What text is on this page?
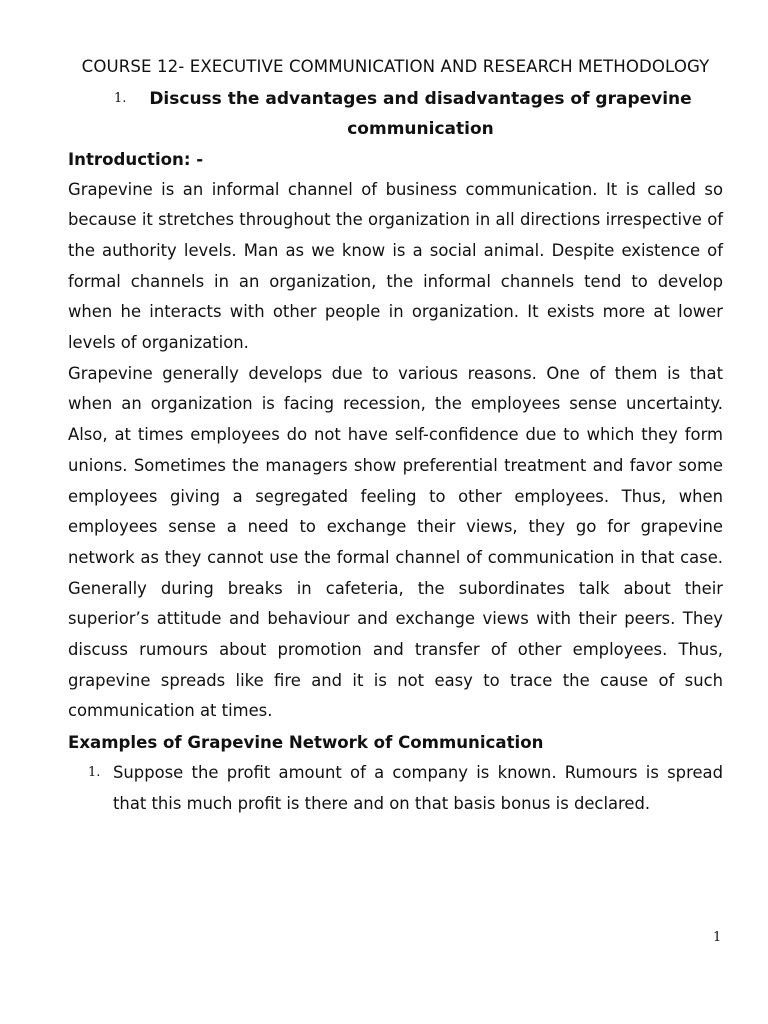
COURSE 12- EXECUTIVE COMMUNICATION AND RESEARCH METHODOLOGY
1. Discuss the advantages and disadvantages of grapevine communication
Introduction: -

Grapevine is an informal channel of business communication. It is called so because it stretches throughout the organization in all directions irrespective of the authority levels. Man as we know is a social animal. Despite existence of formal channels in an organization, the informal channels tend to develop when he interacts with other people in organization. It exists more at lower levels of organization.

Grapevine generally develops due to various reasons. One of them is that when an organization is facing recession, the employees sense uncertainty. Also, at times employees do not have self-confidence due to which they form unions. Sometimes the managers show preferential treatment and favor some employees giving a segregated feeling to other employees. Thus, when employees sense a need to exchange their views, they go for grapevine network as they cannot use the formal channel of communication in that case. Generally during breaks in cafeteria, the subordinates talk about their superior’s attitude and behaviour and exchange views with their peers. They discuss rumours about promotion and transfer of other employees. Thus, grapevine spreads like fire and it is not easy to trace the cause of such communication at times.

Examples of Grapevine Network of Communication
1. Suppose the profit amount of a company is known. Rumours is spread that this much profit is there and on that basis bonus is declared.
1
